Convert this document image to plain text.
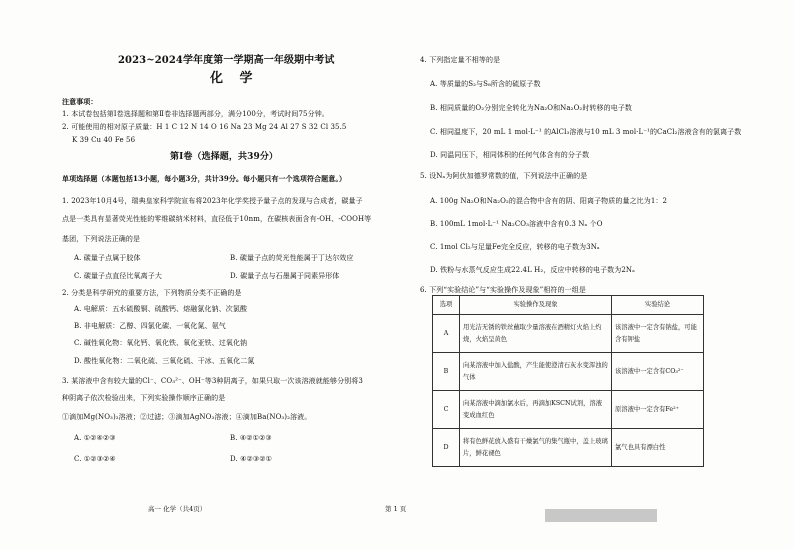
2023~2024学年度第一学期高一年级期中考试
化 学
注意事项：
1. 本试卷包括第Ⅰ卷选择题和第Ⅱ卷非选择题两部分，满分100分，考试时间75分钟。
2. 可能使用的相对原子质量：H 1 C 12 N 14 O 16 Na 23 Mg 24 Al 27 S 32 Cl 35.5
K 39 Cu 40 Fe 56
第Ⅰ卷（选择题，共39分）
单项选择题（本题包括13小题，每小题3分，共计39分。每小题只有一个选项符合题意。）
1. 2023年10月4号，瑞典皇家科学院宣布将2023年化学奖授予量子点的发现与合成者，碳量子
点是一类具有显著荧光性能的零维碳纳米材料，直径低于10nm，在碳核表面含有-OH、-COOH等
基团，下列说法正确的是
A. 碳量子点属于胶体	B. 碳量子点的荧光性能属于丁达尔效应
C. 碳量子点直径比氧离子大	D. 碳量子点与石墨属于同素异形体
2. 分类是科学研究的重要方法，下列物质分类不正确的是
A. 电解质：五水硫酸铜、硫酸钙、熔融氯化钠、次氯酸
B. 非电解质：乙醇、四氯化碳、一氧化氮、氨气
C. 碱性氧化物：氧化钙、氧化铁、氧化亚铁、过氧化钠
D. 酸性氧化物：二氧化硫、三氧化硫、干冰、五氧化二氮
3. 某溶液中含有较大量的Cl⁻、CO₃²⁻、OH⁻等3种阴离子，如果只取一次该溶液就能够分别将3
种阴离子依次检验出来，下列实验操作顺序正确的是
①滴加Mg(NO₃)₂溶液；②过滤；③滴加AgNO₃溶液；④滴加Ba(NO₃)₂溶液。
A. ①②④②③	B. ④②①②③
C. ①②③②④	D. ④②③②①
高一 化学（共4页）	第 1 页
4. 下列指定量不相等的是
A. 等质量的S₂与S₈所含的硫原子数
B. 相同质量的O₂分别完全转化为Na₂O和Na₂O₂时转移的电子数
C. 相同温度下，20 mL 1 mol·L⁻¹ 的AlCl₃溶液与10 mL 3 mol·L⁻¹的CaCl₂溶液含有的氯离子数
D. 同温同压下，相同体积的任何气体含有的分子数
5. 设Nₐ为阿伏加德罗常数的值，下列说法中正确的是
A. 100g Na₂O和Na₂O₂的混合物中含有的阴、阳离子物质的量之比为1：2
B. 100mL 1mol·L⁻¹ Na₂CO₃溶液中含有0.3 Nₐ 个O
C. 1mol Cl₂与足量Fe完全反应，转移的电子数为3Nₐ
D. 铁粉与水蒸气反应生成22.4L H₂，反应中转移的电子数为2Nₐ
6. 下列“实验结论”与“实验操作及现象”相符的一组是
选项	实验操作及现象	实验结论
A	用光洁无锈的铁丝蘸取少量溶液在酒精灯火焰上灼烧，火焰呈黄色	该溶液中一定含有钠盐，可能含有钾盐
B	向某溶液中加入盐酸，产生能使澄清石灰水变浑浊的气体	该溶液中一定含有CO₃²⁻
C	向某溶液中滴加氯水后，再滴加KSCN试剂，溶液变成血红色	原溶液中一定含有Fe²⁺
D	将有色鲜花放入盛有干燥氯气的集气瓶中，盖上玻璃片，鲜花褪色	氯气也具有漂白性
